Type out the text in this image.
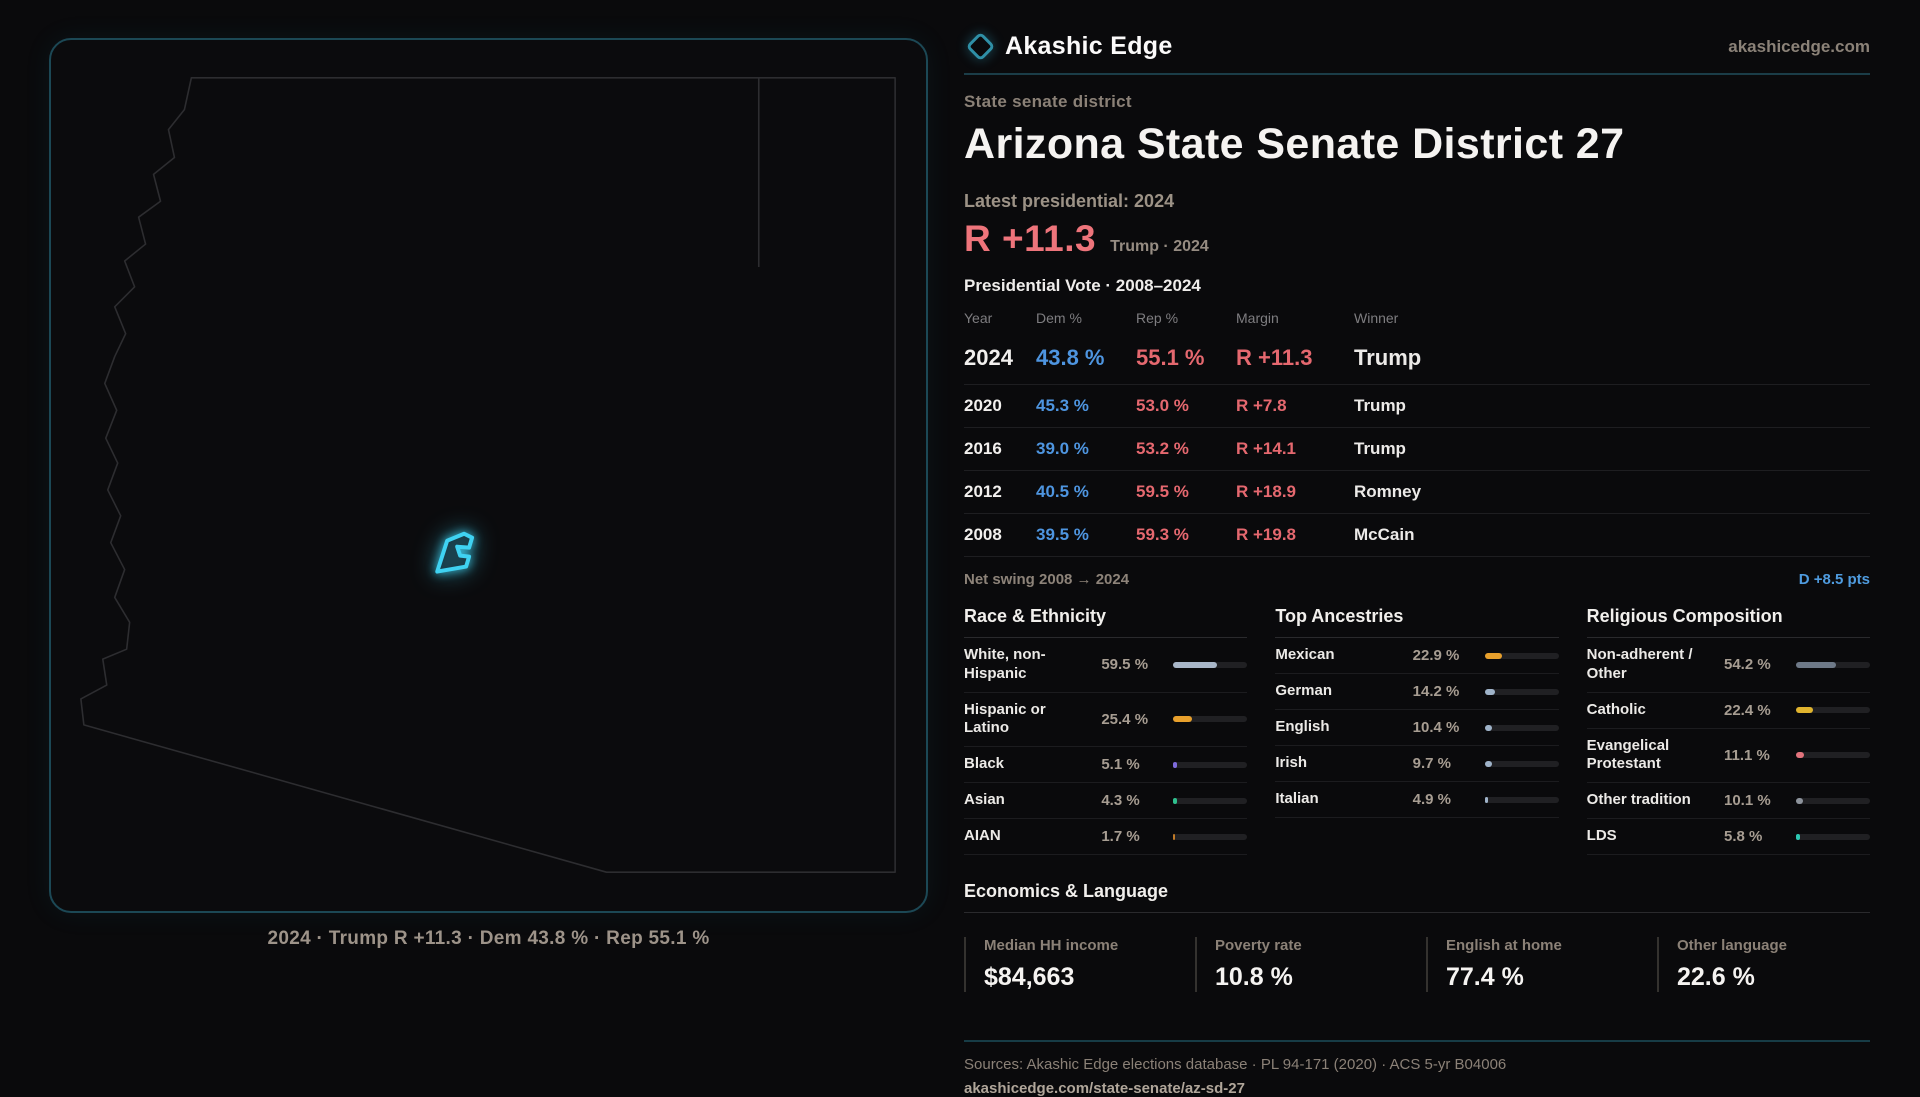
2024 · Trump R +11.3 · Dem 43.8 % · Rep 55.1 %
Akashic Edge	akashicedge.com
State senate district
Arizona State Senate District 27
Latest presidential: 2024
R +11.3 Trump · 2024
Presidential Vote · 2008–2024
Year	Dem %	Rep %	Margin	Winner
2024	43.8 %	55.1 %	R +11.3	Trump
2020	45.3 %	53.0 %	R +7.8	Trump
2016	39.0 %	53.2 %	R +14.1	Trump
2012	40.5 %	59.5 %	R +18.9	Romney
2008	39.5 %	59.3 %	R +19.8	McCain
Net swing 2008 → 2024	D +8.5 pts
Race & Ethnicity
White, non-Hispanic	59.5 %
Hispanic or Latino	25.4 %
Black	5.1 %
Asian	4.3 %
AIAN	1.7 %
Top Ancestries
Mexican	22.9 %
German	14.2 %
English	10.4 %
Irish	9.7 %
Italian	4.9 %
Religious Composition
Non-adherent / Other	54.2 %
Catholic	22.4 %
Evangelical Protestant	11.1 %
Other tradition	10.1 %
LDS	5.8 %
Economics & Language
Median HH income
$84,663
Poverty rate
10.8 %
English at home
77.4 %
Other language
22.6 %
Sources: Akashic Edge elections database · PL 94-171 (2020) · ACS 5-yr B04006
akashicedge.com/state-senate/az-sd-27
